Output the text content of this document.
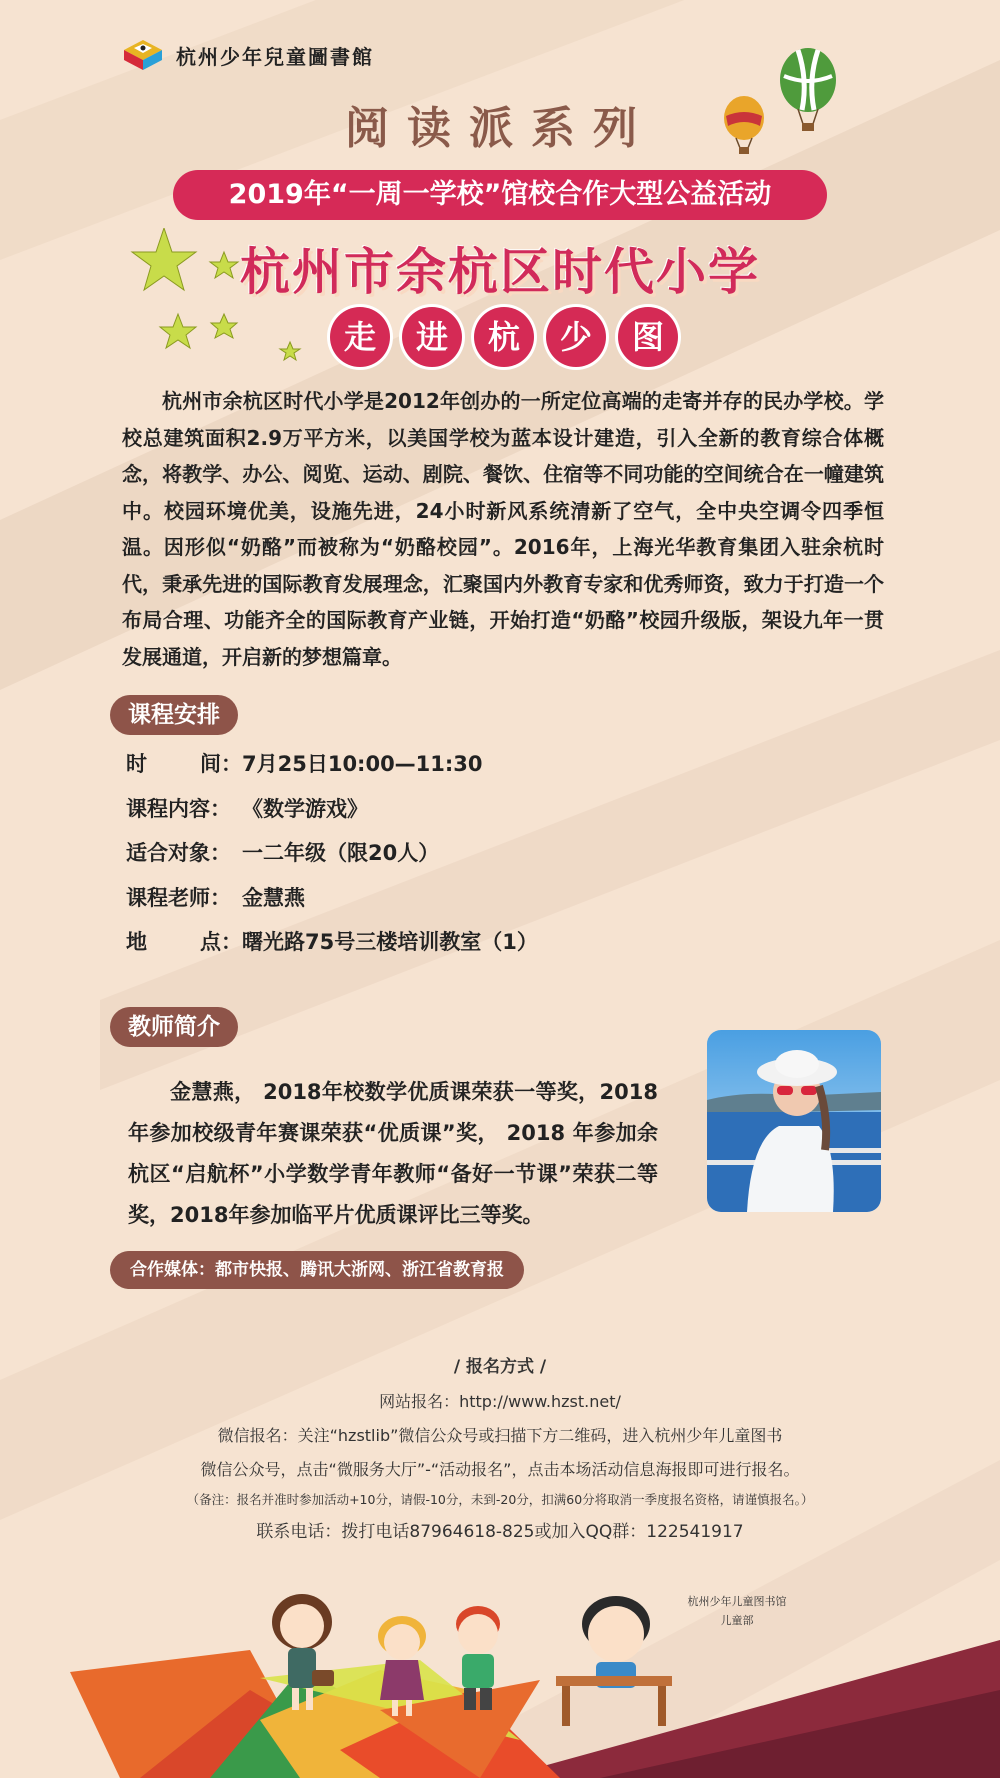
杭州少年兒童圖書館
阅读派系列
2019年“一周一学校”馆校合作大型公益活动
杭州市余杭区时代小学
走	进	杭	少	图

杭州市余杭区时代小学是2012年创办的一所定位高端的走寄并存的民办学校。学校总建筑面积2.9万平方米，以美国学校为蓝本设计建造，引入全新的教育综合体概念，将教学、办公、阅览、运动、剧院、餐饮、住宿等不同功能的空间统合在一幢建筑中。校园环境优美，设施先进，24小时新风系统清新了空气，全中央空调令四季恒温。因形似“奶酪”而被称为“奶酪校园”。2016年，上海光华教育集团入驻余杭时代，秉承先进的国际教育发展理念，汇聚国内外教育专家和优秀师资，致力于打造一个布局合理、功能齐全的国际教育产业链，开始打造“奶酪”校园升级版，架设九年一贯发展通道，开启新的梦想篇章。

课程安排
时	间： 7月25日10:00—11:30
课程内容： 《数学游戏》
适合对象： 一二年级（限20人）
课程老师： 金慧燕
地	点： 曙光路75号三楼培训教室（1）
教师简介

金慧燕， 2018年校数学优质课荣获一等奖，2018年参加校级青年赛课荣获“优质课”奖， 2018 年参加余杭区“启航杯”小学数学青年教师“备好一节课”荣获二等奖，2018年参加临平片优质课评比三等奖。

合作媒体：都市快报、腾讯大浙网、浙江省教育报
/ 报名方式 /
网站报名：http://www.hzst.net/
微信报名：关注“hzstlib”微信公众号或扫描下方二维码，进入杭州少年儿童图书
微信公众号，点击“微服务大厅”-“活动报名”，点击本场活动信息海报即可进行报名。
（备注：报名并准时参加活动+10分，请假-10分，未到-20分，扣满60分将取消一季度报名资格，请谨慎报名。）
联系电话：拨打电话87964618-825或加入QQ群：122541917
杭州少年儿童图书馆
儿童部
